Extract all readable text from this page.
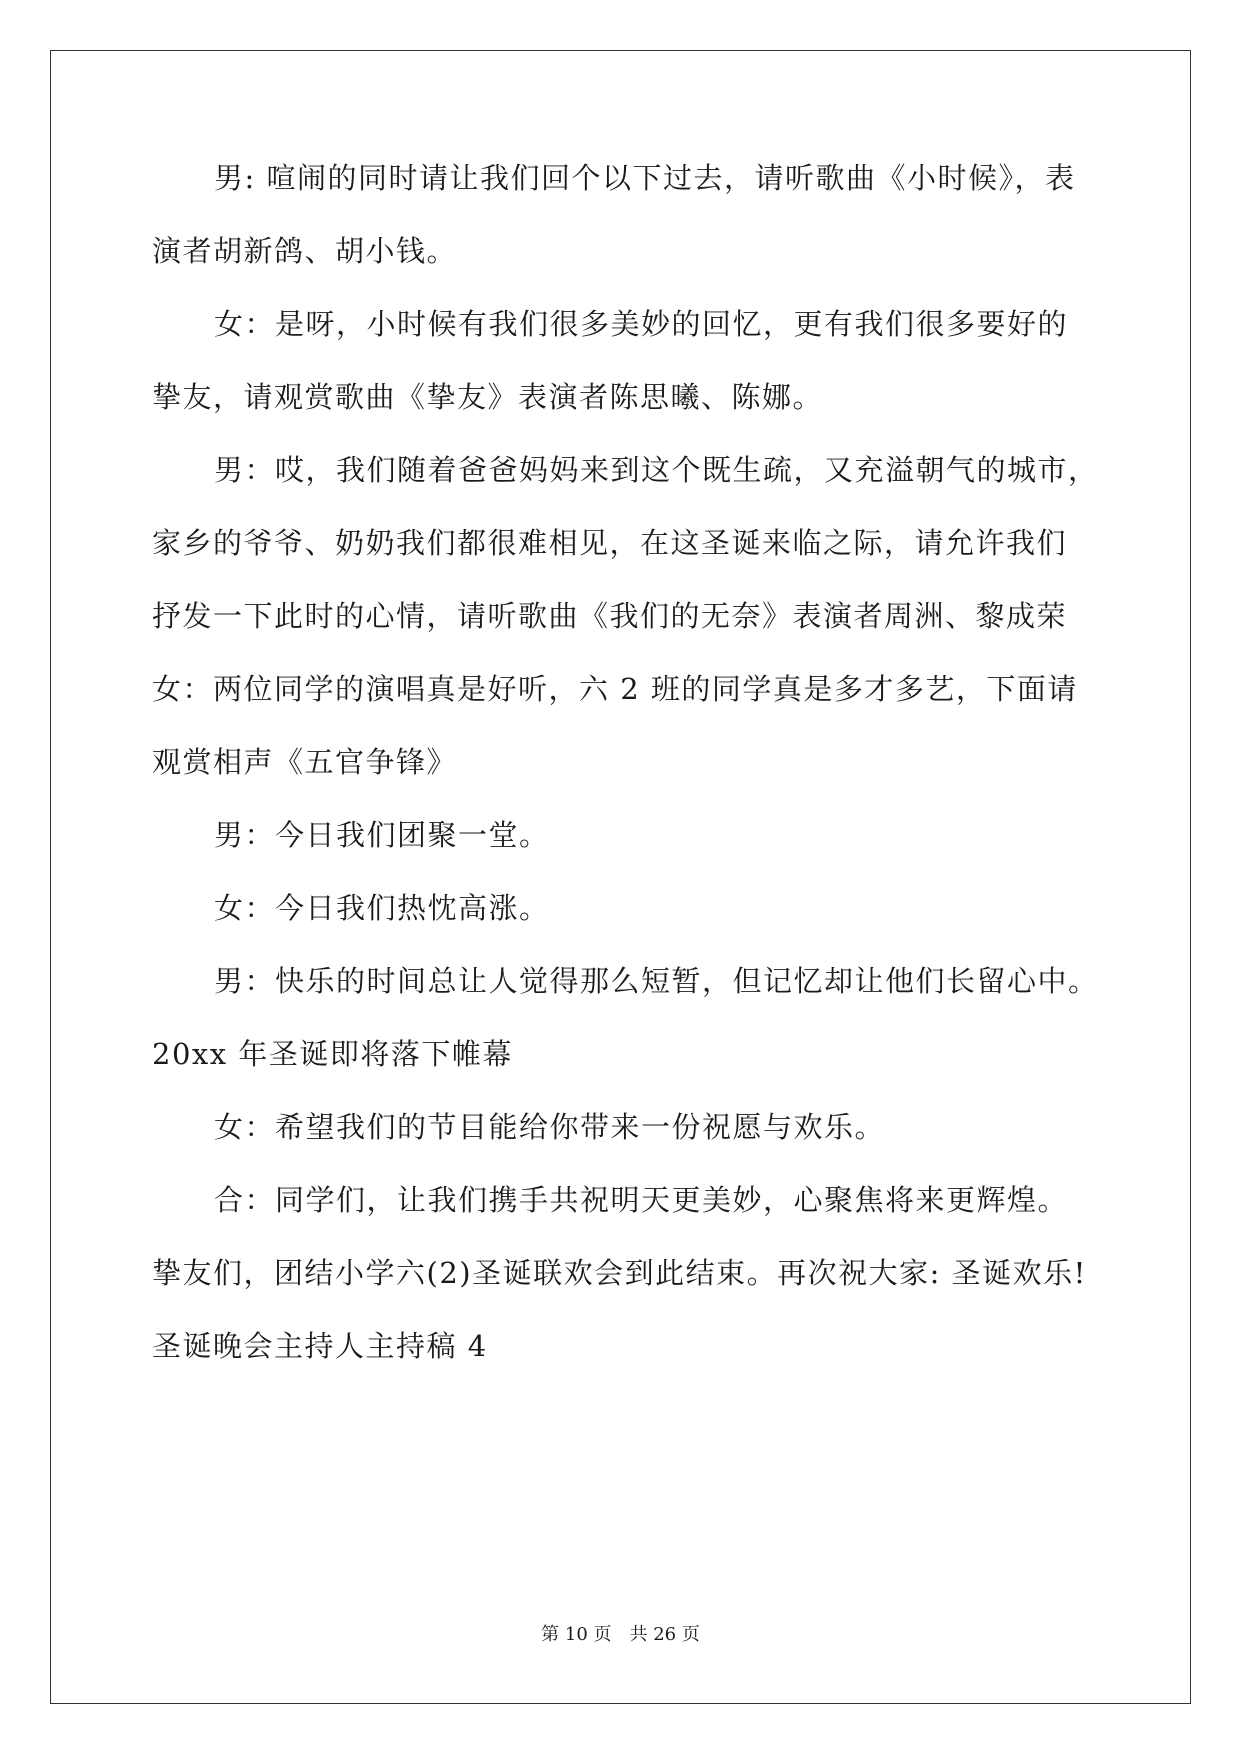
男: 喧闹的同时请让我们回个以下过去，请听歌曲《小时候》，表
演者胡新鸽、胡小钱。
女：是呀，小时候有我们很多美妙的回忆，更有我们很多要好的
挚友，请观赏歌曲《挚友》表演者陈思曦、陈娜。
男：哎，我们随着爸爸妈妈来到这个既生疏，又充溢朝气的城市，
家乡的爷爷、奶奶我们都很难相见，在这圣诞来临之际，请允许我们
抒发一下此时的心情，请听歌曲《我们的无奈》表演者周洲、黎成荣
女：两位同学的演唱真是好听，六 2 班的同学真是多才多艺，下面请
观赏相声《五官争锋》
男：今日我们团聚一堂。
女：今日我们热忱高涨。
男：快乐的时间总让人觉得那么短暂，但记忆却让他们长留心中。
20xx 年圣诞即将落下帷幕
女：希望我们的节目能给你带来一份祝愿与欢乐。
合：同学们，让我们携手共祝明天更美妙，心聚焦将来更辉煌。
挚友们，团结小学六(2)圣诞联欢会到此结束。再次祝大家: 圣诞欢乐!
圣诞晚会主持人主持稿 4
第 10 页　共 26 页
